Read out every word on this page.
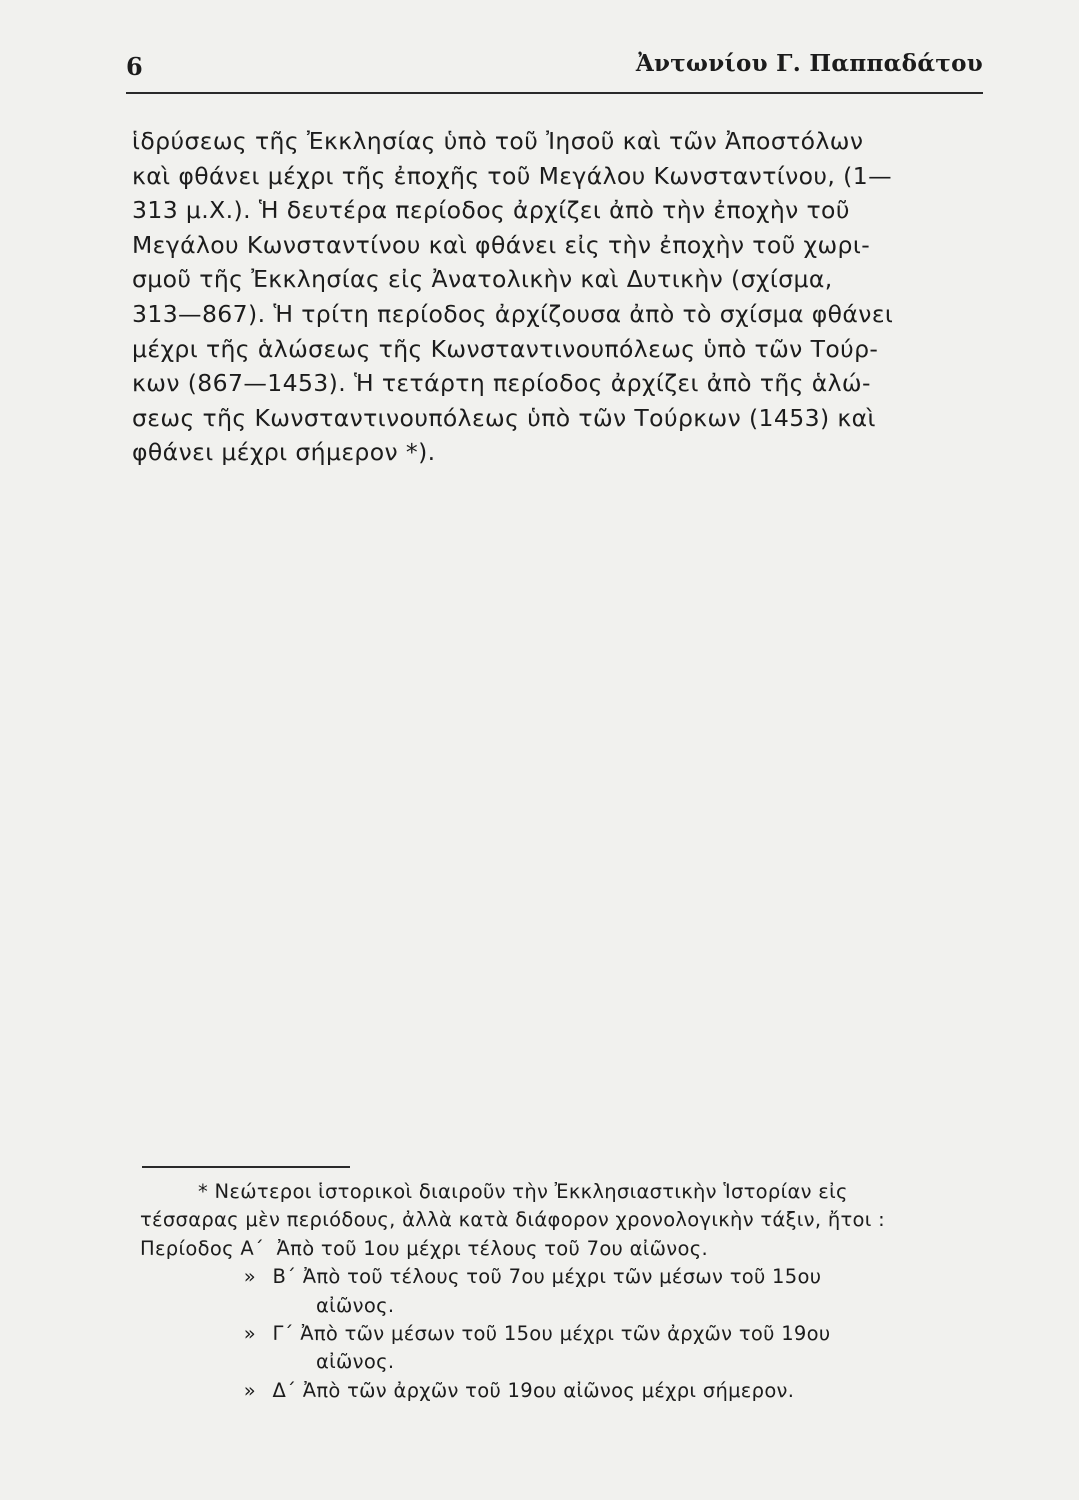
6	Ἀντωνίου Γ. Παππαδάτου
ἱδρύσεως τῆς Ἐκκλησίας ὑπὸ τοῦ Ἰησοῦ καὶ τῶν Ἀποστόλων
καὶ φθάνει μέχρι τῆς ἐποχῆς τοῦ Μεγάλου Κωνσταντίνου, (1—
313 μ.Χ.). Ἡ δευτέρα περίοδος ἀρχίζει ἀπὸ τὴν ἐποχὴν τοῦ
Μεγάλου Κωνσταντίνου καὶ φθάνει εἰς τὴν ἐποχὴν τοῦ χωρι-
σμοῦ τῆς Ἐκκλησίας εἰς Ἀνατολικὴν καὶ Δυτικὴν (σχίσμα,
313—867). Ἡ τρίτη περίοδος ἀρχίζουσα ἀπὸ τὸ σχίσμα φθάνει
μέχρι τῆς ἁλώσεως τῆς Κωνσταντινουπόλεως ὑπὸ τῶν Τούρ-
κων (867—1453). Ἡ τετάρτη περίοδος ἀρχίζει ἀπὸ τῆς ἁλώ-
σεως τῆς Κωνσταντινουπόλεως ὑπὸ τῶν Τούρκων (1453) καὶ
φθάνει μέχρι σήμερον *).
* Νεώτεροι ἱστορικοὶ διαιροῦν τὴν Ἐκκλησιαστικὴν Ἱστορίαν εἰς
τέσσαρας μὲν περιόδους, ἀλλὰ κατὰ διάφορον χρονολογικὴν τάξιν, ἤτοι :
Περίοδος Α΄ Ἀπὸ τοῦ 1ου μέχρι τέλους τοῦ 7ου αἰῶνος.
» Β΄ Ἀπὸ τοῦ τέλους τοῦ 7ου μέχρι τῶν μέσων τοῦ 15ου
αἰῶνος.
» Γ΄ Ἀπὸ τῶν μέσων τοῦ 15ου μέχρι τῶν ἀρχῶν τοῦ 19ου
αἰῶνος.
» Δ΄ Ἀπὸ τῶν ἀρχῶν τοῦ 19ου αἰῶνος μέχρι σήμερον.
